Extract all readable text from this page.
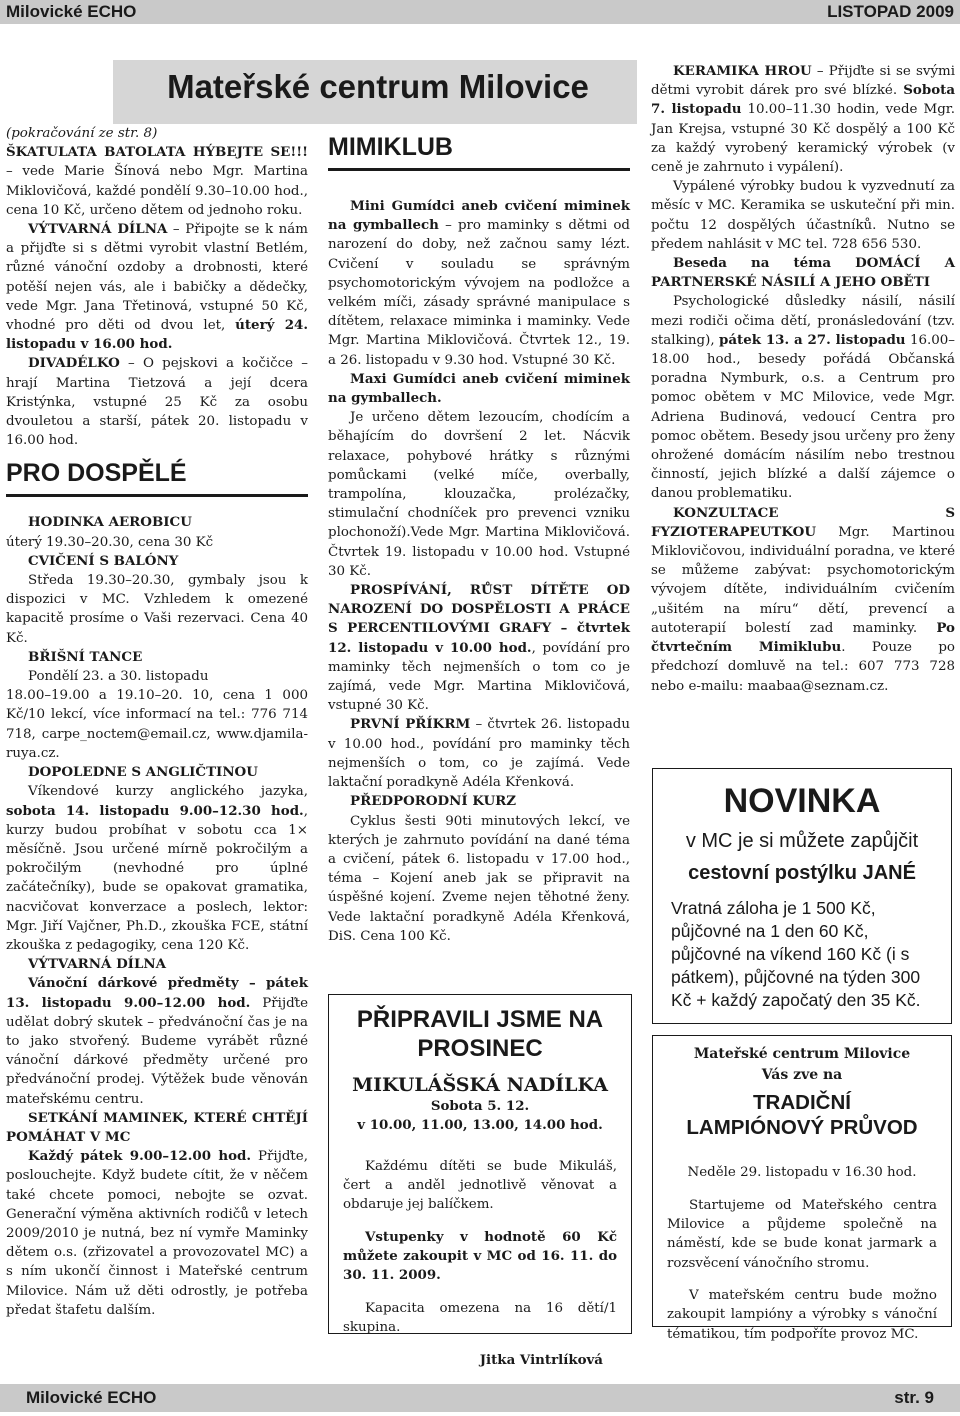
Milovické ECHO	LISTOPAD 2009
Mateřské centrum Milovice

(pokračování ze str. 8)

ŠKATULATA BATOLATA HÝBEJTE SE!!! – vede Marie Šínová nebo Mgr. Martina Miklovičová, každé pondělí 9.30–10.00 hod., cena 10 Kč, určeno dětem od jednoho roku.

VÝTVARNÁ DÍLNA – Připojte se k nám a přijďte si s dětmi vyrobit vlastní Betlém, různé vánoční ozdoby a drobnosti, které potěší nejen vás, ale i babičky a dědečky, vede Mgr. Jana Třetinová, vstupné 50 Kč, vhodné pro děti od dvou let, úterý 24. listopadu v 16.00 hod.

DIVADÉLKO – O pejskovi a kočičce – hrají Martina Tietzová a její dcera Kristýnka, vstupné 25 Kč za osobu dvouletou a starší, pátek 20. listopadu v 16.00 hod.

PRO DOSPĚLÉ

HODINKA AEROBICU

úterý 19.30–20.30, cena 30 Kč

CVIČENÍ S BALÓNY

Středa 19.30–20.30, gymbaly jsou k dispozici v MC. Vzhledem k omezené kapacitě prosíme o Vaši rezervaci. Cena 40 Kč.

BŘIŠNÍ TANCE

Pondělí 23. a 30. listopadu

18.00–19.00 a 19.10–20. 10, cena 1 000 Kč/10 lekcí, více informací na tel.: 776 714 718, carpe_noctem@email.cz, www.djamila-ruya.cz.

DOPOLEDNE S ANGLIČTINOU

Víkendové kurzy anglického jazyka, sobota 14. listopadu 9.00–12.30 hod., kurzy budou probíhat v sobotu cca 1× měsíčně. Jsou určené mírně pokročilým a pokročilým (nevhodné pro úplné začátečníky), bude se opakovat gramatika, nacvičovat konverzace a poslech, lektor: Mgr. Jiří Vajčner, Ph.D., zkouška FCE, státní zkouška z pedagogiky, cena 120 Kč.

VÝTVARNÁ DÍLNA

Vánoční dárkové předměty – pátek 13. listopadu 9.00–12.00 hod. Přijďte udělat dobrý skutek – předvánoční čas je na to jako stvořený. Budeme vyrábět různé vánoční dárkové předměty určené pro předvánoční prodej. Výtěžek bude věnován mateřskému centru.

SETKÁNÍ MAMINEK, KTERÉ CHTĚJÍ POMÁHAT V MC

Každý pátek 9.00–12.00 hod. Přijďte, poslouchejte. Když budete cítit, že v něčem také chcete pomoci, nebojte se ozvat. Generační výměna aktivních rodičů v letech 2009/2010 je nutná, bez ní vymře Maminky dětem o.s. (zřizovatel a provozovatel MC) a s ním ukončí činnost i Mateřské centrum Milovice. Nám už děti odrostly, je potřeba předat štafetu dalším.

MIMIKLUB

Mini Gumídci aneb cvičení miminek na gymballech – pro maminky s dětmi od narození do doby, než začnou samy lézt. Cvičení v souladu se správným psychomotorickým vývojem na podložce a velkém míči, zásady správné manipulace s dítětem, relaxace miminka i maminky. Vede Mgr. Martina Miklovičová. Čtvrtek 12., 19. a 26. listopadu v 9.30 hod. Vstupné 30 Kč.

Maxi Gumídci aneb cvičení miminek na gymballech.

Je určeno dětem lezoucím, chodícím a běhajícím do dovršení 2 let. Nácvik relaxace, pohybové hrátky s různými pomůckami (velké míče, overbally, trampolína, klouzačka, prolézačky, stimulační chodníček pro prevenci vzniku plochonoží).Vede Mgr. Martina Miklovičová. Čtvrtek 19. listopadu v 10.00 hod. Vstupné 30 Kč.

PROSPÍVÁNÍ, RŮST DÍTĚTE OD NAROZENÍ DO DOSPĚLOSTI A PRÁCE S PERCENTILOVÝMI GRAFY – čtvrtek 12. listopadu v 10.00 hod., povídání pro maminky těch nejmenších o tom co je zajímá, vede Mgr. Martina Miklovičová, vstupné 30 Kč.

PRVNÍ PŘÍKRM – čtvrtek 26. listopadu v 10.00 hod., povídání pro maminky těch nejmenších o tom, co je zajímá. Vede laktační poradkyně Adéla Křenková.

PŘEDPORODNÍ KURZ

Cyklus šesti 90ti minutových lekcí, ve kterých je zahrnuto povídání na dané téma a cvičení, pátek 6. listopadu v 17.00 hod., téma – Kojení aneb jak se připravit na úspěšné kojení. Zveme nejen těhotné ženy. Vede laktační poradkyně Adéla Křenková, DiS. Cena 100 Kč.

PŘIPRAVILI JSME NA PROSINEC
MIKULÁŠSKÁ NADÍLKA
Sobota 5. 12.
v 10.00, 11.00, 13.00, 14.00 hod.

Každému dítěti se bude Mikuláš, čert a anděl jednotlivě věnovat a obdaruje jej balíčkem.

Vstupenky v hodnotě 60 Kč můžete zakoupit v MC od 16. 11. do 30. 11. 2009.

Kapacita omezena na 16 dětí/1 skupina.

Jitka Vintrlíková

KERAMIKA HROU – Přijďte si se svými dětmi vyrobit dárek pro své blízké. Sobota 7. listopadu 10.00–11.30 hodin, vede Mgr. Jan Krejsa, vstupné 30 Kč dospělý a 100 Kč za každý vyrobený keramický výrobek (v ceně je zahrnuto i vypálení).

Vypálené výrobky budou k vyzvednutí za měsíc v MC. Keramika se uskuteční při min. počtu 12 dospělých účastníků. Nutno se předem nahlásit v MC tel. 728 656 530.

Beseda na téma DOMÁCÍ A PARTNERSKÉ NÁSILÍ A JEHO OBĚTI

Psychologické důsledky násilí, násilí mezi rodiči očima dětí, pronásledování (tzv. stalking), pátek 13. a 27. listopadu 16.00–18.00 hod., besedy pořádá Občanská poradna Nymburk, o.s. a Centrum pro pomoc obětem v MC Milovice, vede Mgr. Adriena Budinová, vedoucí Centra pro pomoc obětem. Besedy jsou určeny pro ženy ohrožené domácím násilím nebo trestnou činností, jejich blízké a další zájemce o danou problematiku.

KONZULTACE S FYZIOTERAPEUTKOU Mgr. Martinou Miklovičovou, individuální poradna, ve které se můžeme zabývat: psychomotorickým vývojem dítěte, individuálním cvičením „ušitém na míru“ dětí, prevencí a autoterapií bolestí zad maminky. Po čtvrtečním Mimiklubu. Pouze po předchozí domluvě na tel.: 607 773 728 nebo e-mailu: maabaa@seznam.cz.

NOVINKA
v MC je si můžete zapůjčit
cestovní postýlku JANÉ
Vratná záloha je 1 500 Kč, půjčovné na 1 den 60 Kč, půjčovné na víkend 160 Kč (i s pátkem), půjčovné na týden 300 Kč + každý započatý den 35 Kč.
Mateřské centrum Milovice
Vás zve na
TRADIČNÍ
LAMPIÓNOVÝ PRŮVOD

Neděle 29. listopadu v 16.30 hod.

Startujeme od Mateřského centra Milovice a půjdeme společně na náměstí, kde se bude konat jarmark a rozsvěcení vánočního stromu.

V mateřském centru bude možno zakoupit lampióny a výrobky s vánoční tématikou, tím podpoříte provoz MC.

Milovické ECHO	str. 9
